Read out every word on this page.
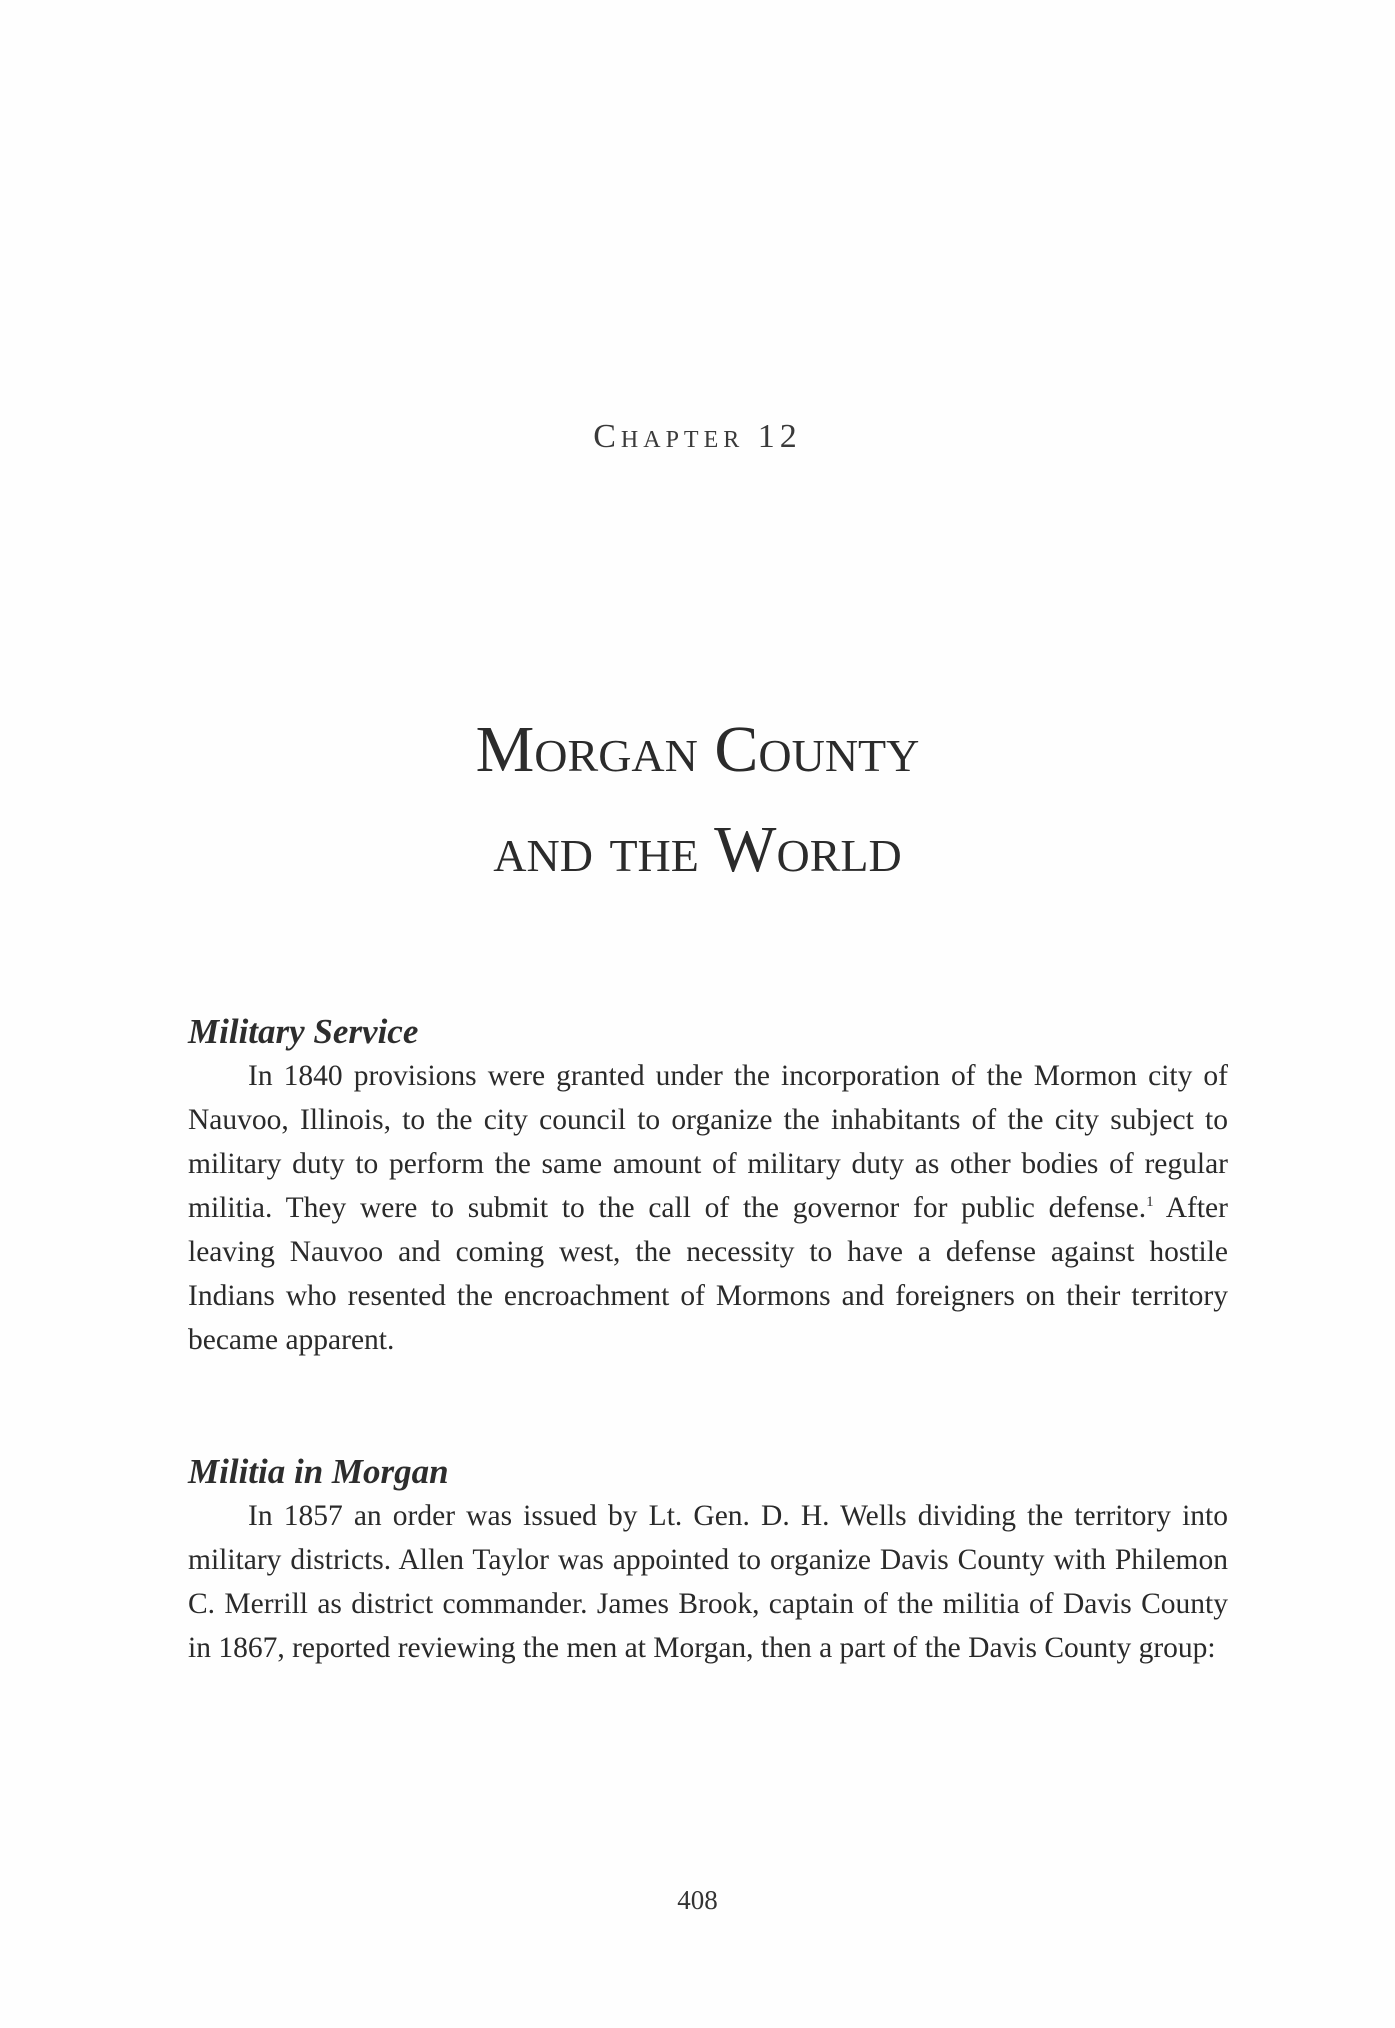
Chapter 12
Morgan County
and the World
Military Service

In 1840 provisions were granted under the incorporation of the Mormon city of Nauvoo, Illinois, to the city council to organize the inhabitants of the city subject to military duty to perform the same amount of military duty as other bodies of regular militia. They were to submit to the call of the governor for public defense.$^1$ After leaving Nauvoo and coming west, the necessity to have a defense against hostile Indians who resented the encroachment of Mormons and foreigners on their territory became apparent.

Militia in Morgan

In 1857 an order was issued by Lt. Gen. D. H. Wells dividing the territory into military districts. Allen Taylor was appointed to organize Davis County with Philemon C. Merrill as district commander. James Brook, captain of the militia of Davis County in 1867, reported reviewing the men at Morgan, then a part of the Davis County group:

408
